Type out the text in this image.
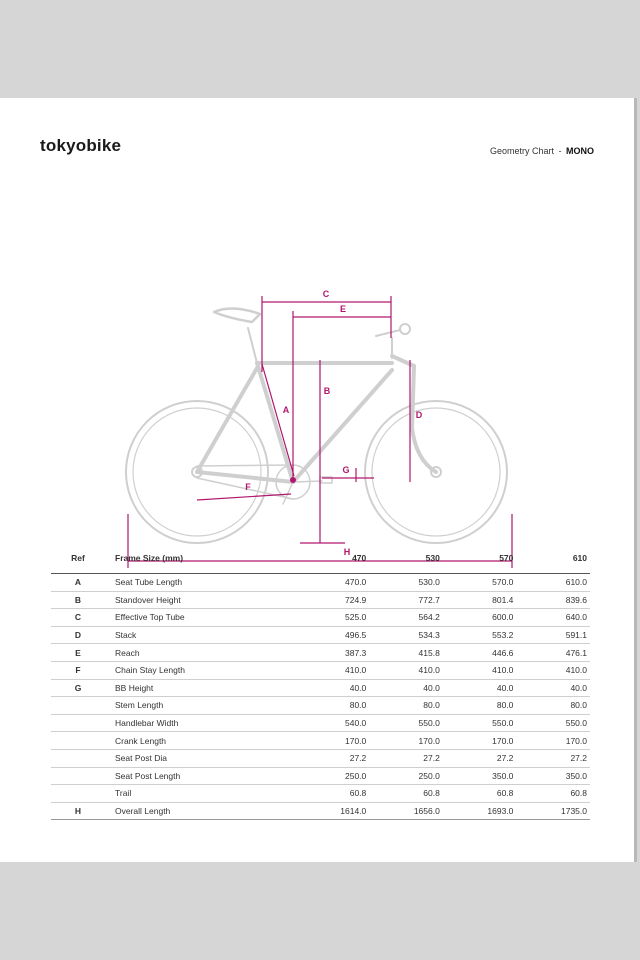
tokyobike	Geometry Chart - MONO
C
E
A
B
D
G
F
H
Ref	Frame Size (mm)	470	530	570	610
A	Seat Tube Length	470.0	530.0	570.0	610.0
B	Standover Height	724.9	772.7	801.4	839.6
C	Effective Top Tube	525.0	564.2	600.0	640.0
D	Stack	496.5	534.3	553.2	591.1
E	Reach	387.3	415.8	446.6	476.1
F	Chain Stay Length	410.0	410.0	410.0	410.0
G	BB Height	40.0	40.0	40.0	40.0
	Stem Length	80.0	80.0	80.0	80.0
	Handlebar Width	540.0	550.0	550.0	550.0
	Crank Length	170.0	170.0	170.0	170.0
	Seat Post Dia	27.2	27.2	27.2	27.2
	Seat Post Length	250.0	250.0	350.0	350.0
	Trail	60.8	60.8	60.8	60.8
H	Overall Length	1614.0	1656.0	1693.0	1735.0
